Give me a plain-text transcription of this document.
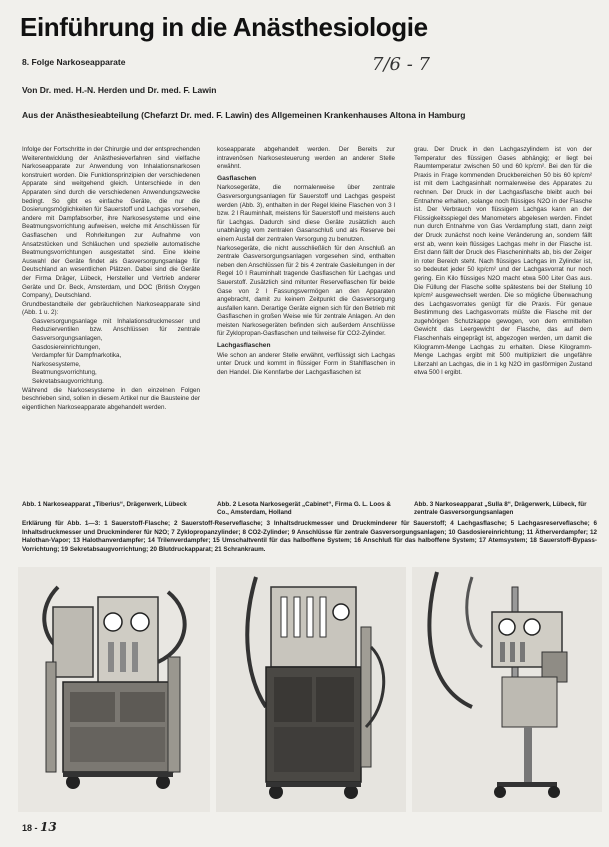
Einführung in die Anästhesiologie
8. Folge Narkoseapparate	7/6 - 7
Von Dr. med. H.-N. Herden und Dr. med. F. Lawin
Aus der Anästhesieabteilung (Chefarzt Dr. med. F. Lawin) des Allgemeinen Krankenhauses Altona in Hamburg

Infolge der Fortschritte in der Chirurgie und der entsprechenden Weiterentwicklung der Anästhesieverfahren sind vielfache Narkoseapparate zur Anwendung von Inhalationsnarkosen konstruiert worden. Die Funktionsprinzipien der verschiedenen Apparate sind weitgehend gleich. Unterschiede in den Apparaten sind durch die verschiedenen Anwendungszwecke bedingt. So gibt es einfache Geräte, die nur die Dosierungsmöglichkeiten für Sauerstoff und Lachgas vorsehen, andere mit Dampfabsorber, ihre Narkosesysteme und eine Beatmungsvorrichtung aufweisen, welche mit Anschlüssen für Gasflaschen und Rohrleitungen zur Aufnahme von Ansatzstücken und Schläuchen und spezielle automatische Beatmungsvorrichtungen ausgestattet sind. Eine kleine Auswahl der Geräte findet als Gasversorgungsanlage für Deutschland an wesentlichen Plätzen. Dabei sind die Geräte der Firma Dräger, Lübeck, Hersteller und Vertrieb anderer Geräte und Dr. Beck, Amsterdam, und DOC (British Oxygen Company), Deutschland.

Grundbestandteile der gebräuchlichen Narkoseapparate sind (Abb. 1 u. 2):

Gasversorgungsanlage mit Inhalationsdruckmesser und Reduzierventilen bzw. Anschlüssen für zentrale Gasversorgungsanlagen,
Gasdosiereinrichtungen,
Verdampfer für Dampfnarkotika,
Narkosesysteme,
Beatmungsvorrichtung,
Sekretabsaugvorrichtung.

Während die Narkosesysteme in den einzelnen Folgen beschrieben sind, sollen in diesem Artikel nur die Bausteine der eigentlichen Narkoseapparate abgehandelt werden.

koseapparate abgehandelt werden. Der Bereits zur intravenösen Narkosesteuerung werden an anderer Stelle erwähnt.

Gasflaschen

Narkosegeräte, die normalerweise über zentrale Gasversorgungsanlagen für Sauerstoff und Lachgas gespeist werden (Abb. 3), enthalten in der Regel kleine Flaschen von 3 l bzw. 2 l Rauminhalt, meistens für Sauerstoff und meistens auch für Lachgas. Dadurch sind diese Geräte zusätzlich auch unabhängig vom zentralen Gasanschluß und als Reserve bei einem Ausfall der zentralen Versorgung zu benutzen.

Narkosegeräte, die nicht ausschließlich für den Anschluß an zentrale Gasversorgungsanlagen vorgesehen sind, enthalten neben den Anschlüssen für 2 bis 4 zentrale Gasleitungen in der Regel 10 l Rauminhalt tragende Gasflaschen für Lachgas und Sauerstoff. Zusätzlich sind mitunter Reserveflaschen für beide Gase von 2 l Fassungsvermögen an den Apparaten angebracht, damit zu keinem Zeitpunkt die Gasversorgung ausfallen kann. Derartige Geräte eignen sich für den Betrieb mit Gasflaschen in großen Weise wie für zentrale Anlagen. An den meisten Narkosegeräten befinden sich außerdem Anschlüsse für Zyklopropan-Gasflaschen und teilweise für CO2-Zylinder.

Lachgasflaschen

Wie schon an anderer Stelle erwähnt, verflüssigt sich Lachgas unter Druck und kommt in flüssiger Form in Stahlflaschen in den Handel. Die Kennfarbe der Lachgasflaschen ist

grau. Der Druck in den Lachgaszylindern ist von der Temperatur des flüssigen Gases abhängig; er liegt bei Raumtemperatur zwischen 50 und 60 kp/cm². Bei den für die Praxis in Frage kommenden Druckbereichen 50 bis 60 kp/cm² ist mit dem Lachgasinhalt normalerweise des Apparates zu rechnen. Der Druck in der Lachgasflasche bleibt auch bei Entnahme erhalten, solange noch flüssiges N2O in der Flasche ist. Der Verbrauch von flüssigem Lachgas kann an der Flüssigkeitsspiegel des Manometers abgelesen werden. Findet nun durch Entnahme von Gas Verdampfung statt, dann zeigt der Druck zunächst noch keine Veränderung an, sondern fällt erst ab, wenn kein flüssiges Lachgas mehr in der Flasche ist. Erst dann fällt der Druck des Flascheninhalts ab, bis der Zeiger in roter Bereich steht. Nach flüssiges Lachgas im Zylinder ist, so bedeutet jeder 50 kp/cm² und der Lachgasvorrat nur noch gering. Ein Kilo flüssiges N2O macht etwa 500 Liter Gas aus. Die Füllung der Flasche sollte spätestens bei der Stellung 10 kp/cm² ausgewechselt werden. Die so mögliche Überwachung des Lachgasvorrates genügt für die Praxis. Für genaue Bestimmung des Lachgasvorrats müßte die Flasche mit der zugehörigen Schutzkappe gewogen, von dem ermittelten Gewicht das Leergewicht der Flasche, das auf dem Flaschenhals eingeprägt ist, abgezogen werden, um damit die Kilogramm-Menge Lachgas zu erhalten. Diese Kilogramm-Menge Lachgas ergibt mit 500 multipliziert die ungefähre Literzahl an Lachgas, die in 1 kg N2O im gasförmigen Zustand etwa 500 l ergibt.

Abb. 1 Narkoseapparat „Tiberius“, Drägerwerk, Lübeck	Abb. 2 Lesota Narkosegerät „Cabinet“, Firma G. L. Loos & Co., Amsterdam, Holland
Abb. 3 Narkoseapparat „Sulla 8“, Drägerwerk, Lübeck, für zentrale Gasversorgungsanlagen
Erklärung für Abb. 1—3: 1 Sauerstoff-Flasche; 2 Sauerstoff-Reserveflasche; 3 Inhaltsdruckmesser und Druckminderer für Sauerstoff; 4 Lachgasflasche; 5 Lachgasreserveflasche; 6 Inhaltsdruckmesser und Druckminderer für N2O; 7 Zyklopropanzylinder; 8 CO2-Zylinder; 9 Anschlüsse für zentrale Gasversorgungsanlagen; 10 Gasdosiereinrichtung; 11 Ätherverdampfer; 12 Halothan-Vapor; 13 Halothanverdampfer; 14 Trilenverdampfer; 15 Umschaltventil für das halboffene System; 16 Anschluß für das halboffene System; 17 Atemsystem; 18 Sauerstoff-Bypass-Vorrichtung; 19 Sekretabsaugvorrichtung; 20 Blutdruckapparat; 21 Schrankraum.
18 - 13
